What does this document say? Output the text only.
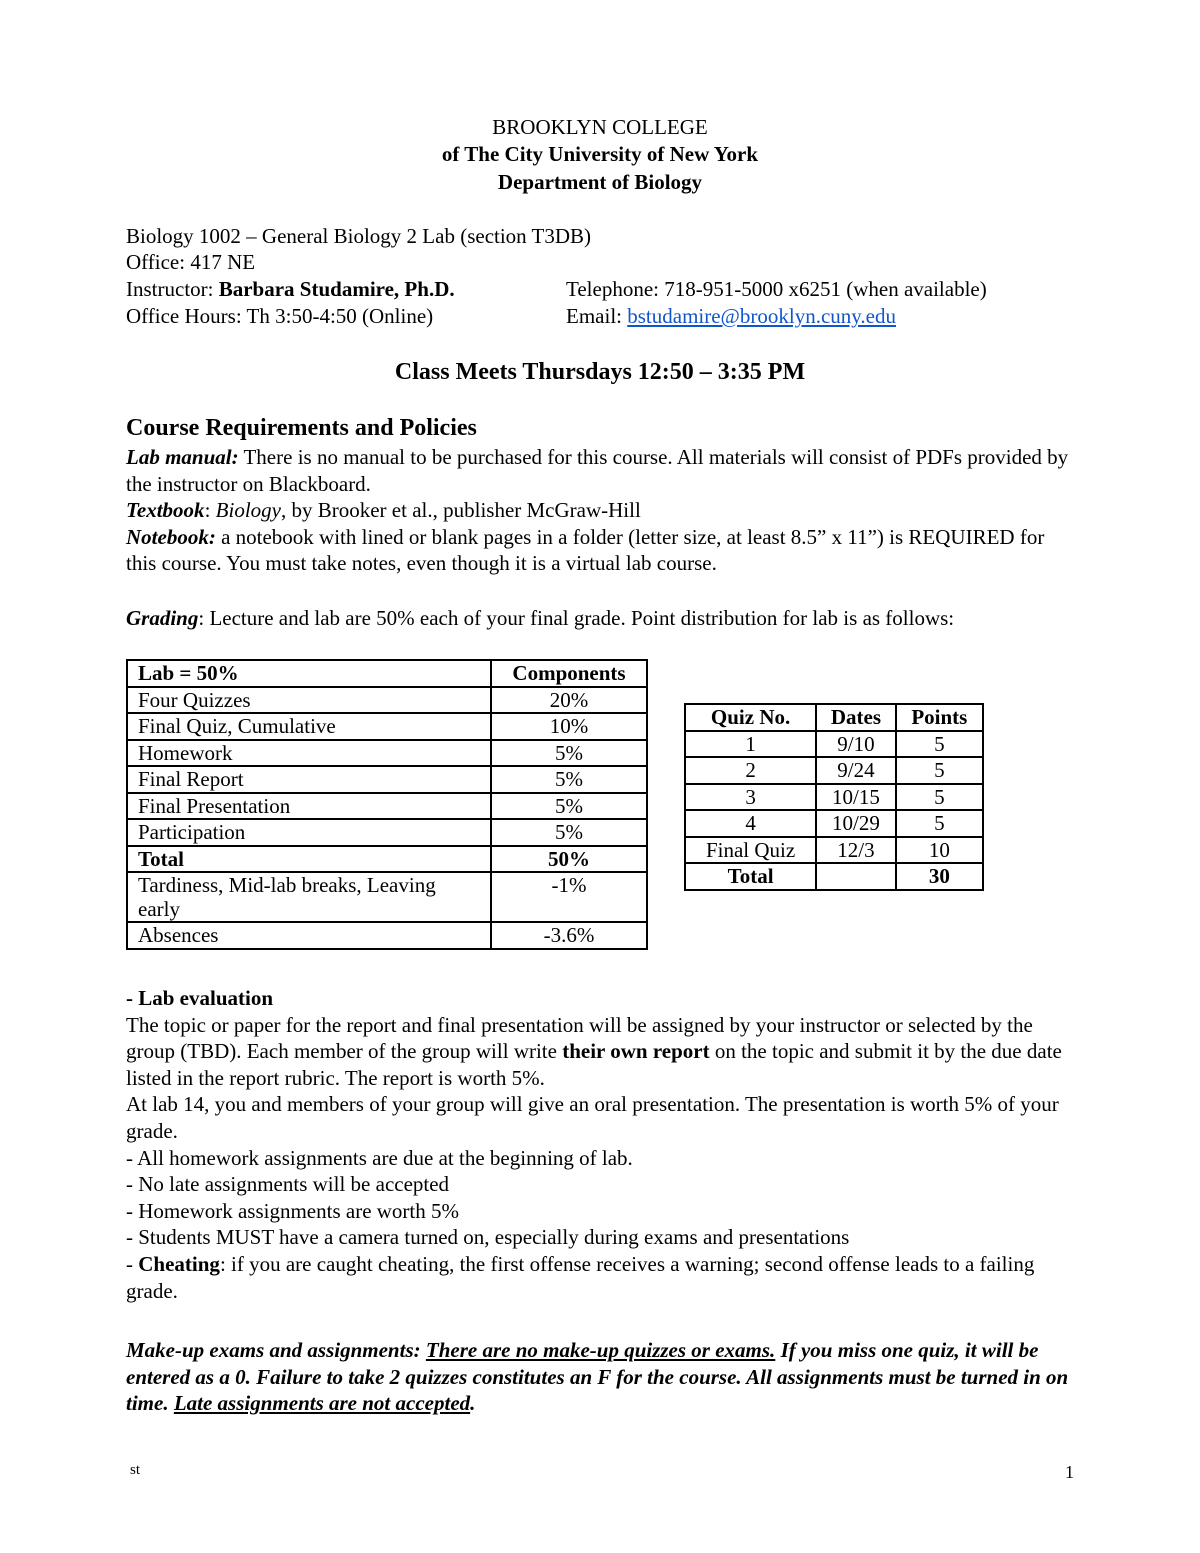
BROOKLYN COLLEGE
of The City University of New York
Department of Biology
Biology 1002 – General Biology 2 Lab (section T3DB)
Office: 417 NE
Instructor: Barbara Studamire, Ph.D.	Telephone: 718-951-5000 x6251 (when available)
Office Hours: Th 3:50-4:50 (Online)	Email: bstudamire@brooklyn.cuny.edu
Class Meets Thursdays 12:50 – 3:35 PM
Course Requirements and Policies
Lab manual: There is no manual to be purchased for this course. All materials will consist of PDFs provided by the instructor on Blackboard.
Textbook: Biology, by Brooker et al., publisher McGraw-Hill
Notebook: a notebook with lined or blank pages in a folder (letter size, at least 8.5” x 11”) is REQUIRED for this course. You must take notes, even though it is a virtual lab course.
Grading: Lecture and lab are 50% each of your final grade. Point distribution for lab is as follows:
Lab = 50%	Components
Four Quizzes	20%
Final Quiz, Cumulative	10%
Homework	5%
Final Report	5%
Final Presentation	5%
Participation	5%
Total	50%
Tardiness, Mid-lab breaks, Leaving early	-1%
Absences	-3.6%
Quiz No.	Dates	Points
1	9/10	5
2	9/24	5
3	10/15	5
4	10/29	5
Final Quiz	12/3	10
Total		30
- Lab evaluation
The topic or paper for the report and final presentation will be assigned by your instructor or selected by the group (TBD). Each member of the group will write their own report on the topic and submit it by the due date listed in the report rubric. The report is worth 5%.
At lab 14, you and members of your group will give an oral presentation. The presentation is worth 5% of your grade.
- All homework assignments are due at the beginning of lab.
- No late assignments will be accepted
- Homework assignments are worth 5%
- Students MUST have a camera turned on, especially during exams and presentations
- Cheating: if you are caught cheating, the first offense receives a warning; second offense leads to a failing grade.
Make-up exams and assignments: There are no make-up quizzes or exams. If you miss one quiz, it will be entered as a 0. Failure to take 2 quizzes constitutes an F for the course. All assignments must be turned in on time. Late assignments are not accepted.
st	1
